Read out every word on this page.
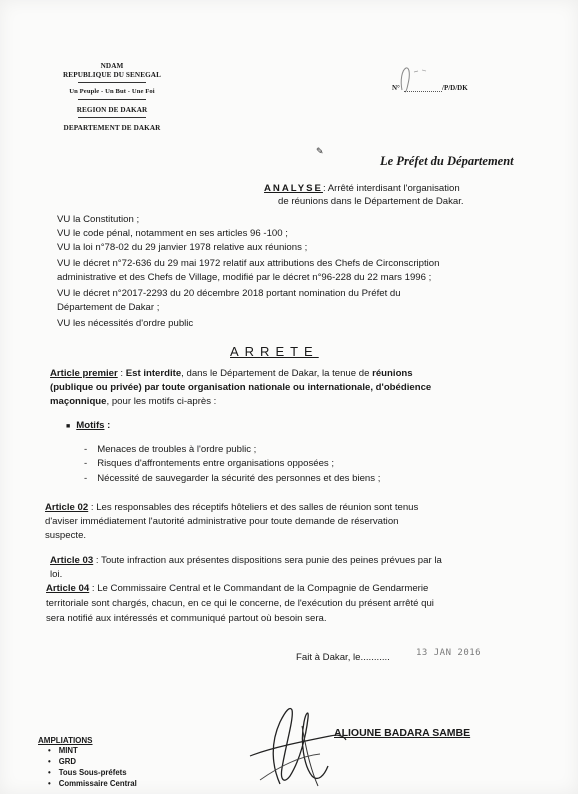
NDAM
REPUBLIQUE DU SENEGAL
Un Peuple - Un But - Une Foi
REGION DE DAKAR
DEPARTEMENT DE DAKAR
N°	/P/D/DK
✎
Le Préfet du Département
ANALYSE: Arrêté interdisant l'organisation
de réunions dans le Département de Dakar.
VU la Constitution ;
VU le code pénal, notamment en ses articles 96 -100 ;
VU la loi n°78-02 du 29 janvier 1978 relative aux réunions ;
VU le décret n°72-636 du 29 mai 1972 relatif aux attributions des Chefs de Circonscription
administrative et des Chefs de Village, modifié par le décret n°96-228 du 22 mars 1996 ;
VU le décret n°2017-2293 du 20 décembre 2018 portant nomination du Préfet du
Département de Dakar ;
VU les nécessités d'ordre public
ARRETE
Article premier : Est interdite, dans le Département de Dakar, la tenue de réunions
(publique ou privée) par toute organisation nationale ou internationale, d'obédience
maçonnique, pour les motifs ci-après :
■ Motifs :
- Menaces de troubles à l'ordre public ;
- Risques d'affrontements entre organisations opposées ;
- Nécessité de sauvegarder la sécurité des personnes et des biens ;
Article 02 : Les responsables des réceptifs hôteliers et des salles de réunion sont tenus
d'aviser immédiatement l'autorité administrative pour toute demande de réservation
suspecte.
Article 03 : Toute infraction aux présentes dispositions sera punie des peines prévues par la
loi.
Article 04 : Le Commissaire Central et le Commandant de la Compagnie de Gendarmerie
territoriale sont chargés, chacun, en ce qui le concerne, de l'exécution du présent arrêté qui
sera notifié aux intéressés et communiqué partout où besoin sera.
Fait à Dakar, le...........	13 JAN 2016
ALIOUNE BADARA SAMBE
AMPLIATIONS
• MINT
• GRD
• Tous Sous-préfets
• Commissaire Central
